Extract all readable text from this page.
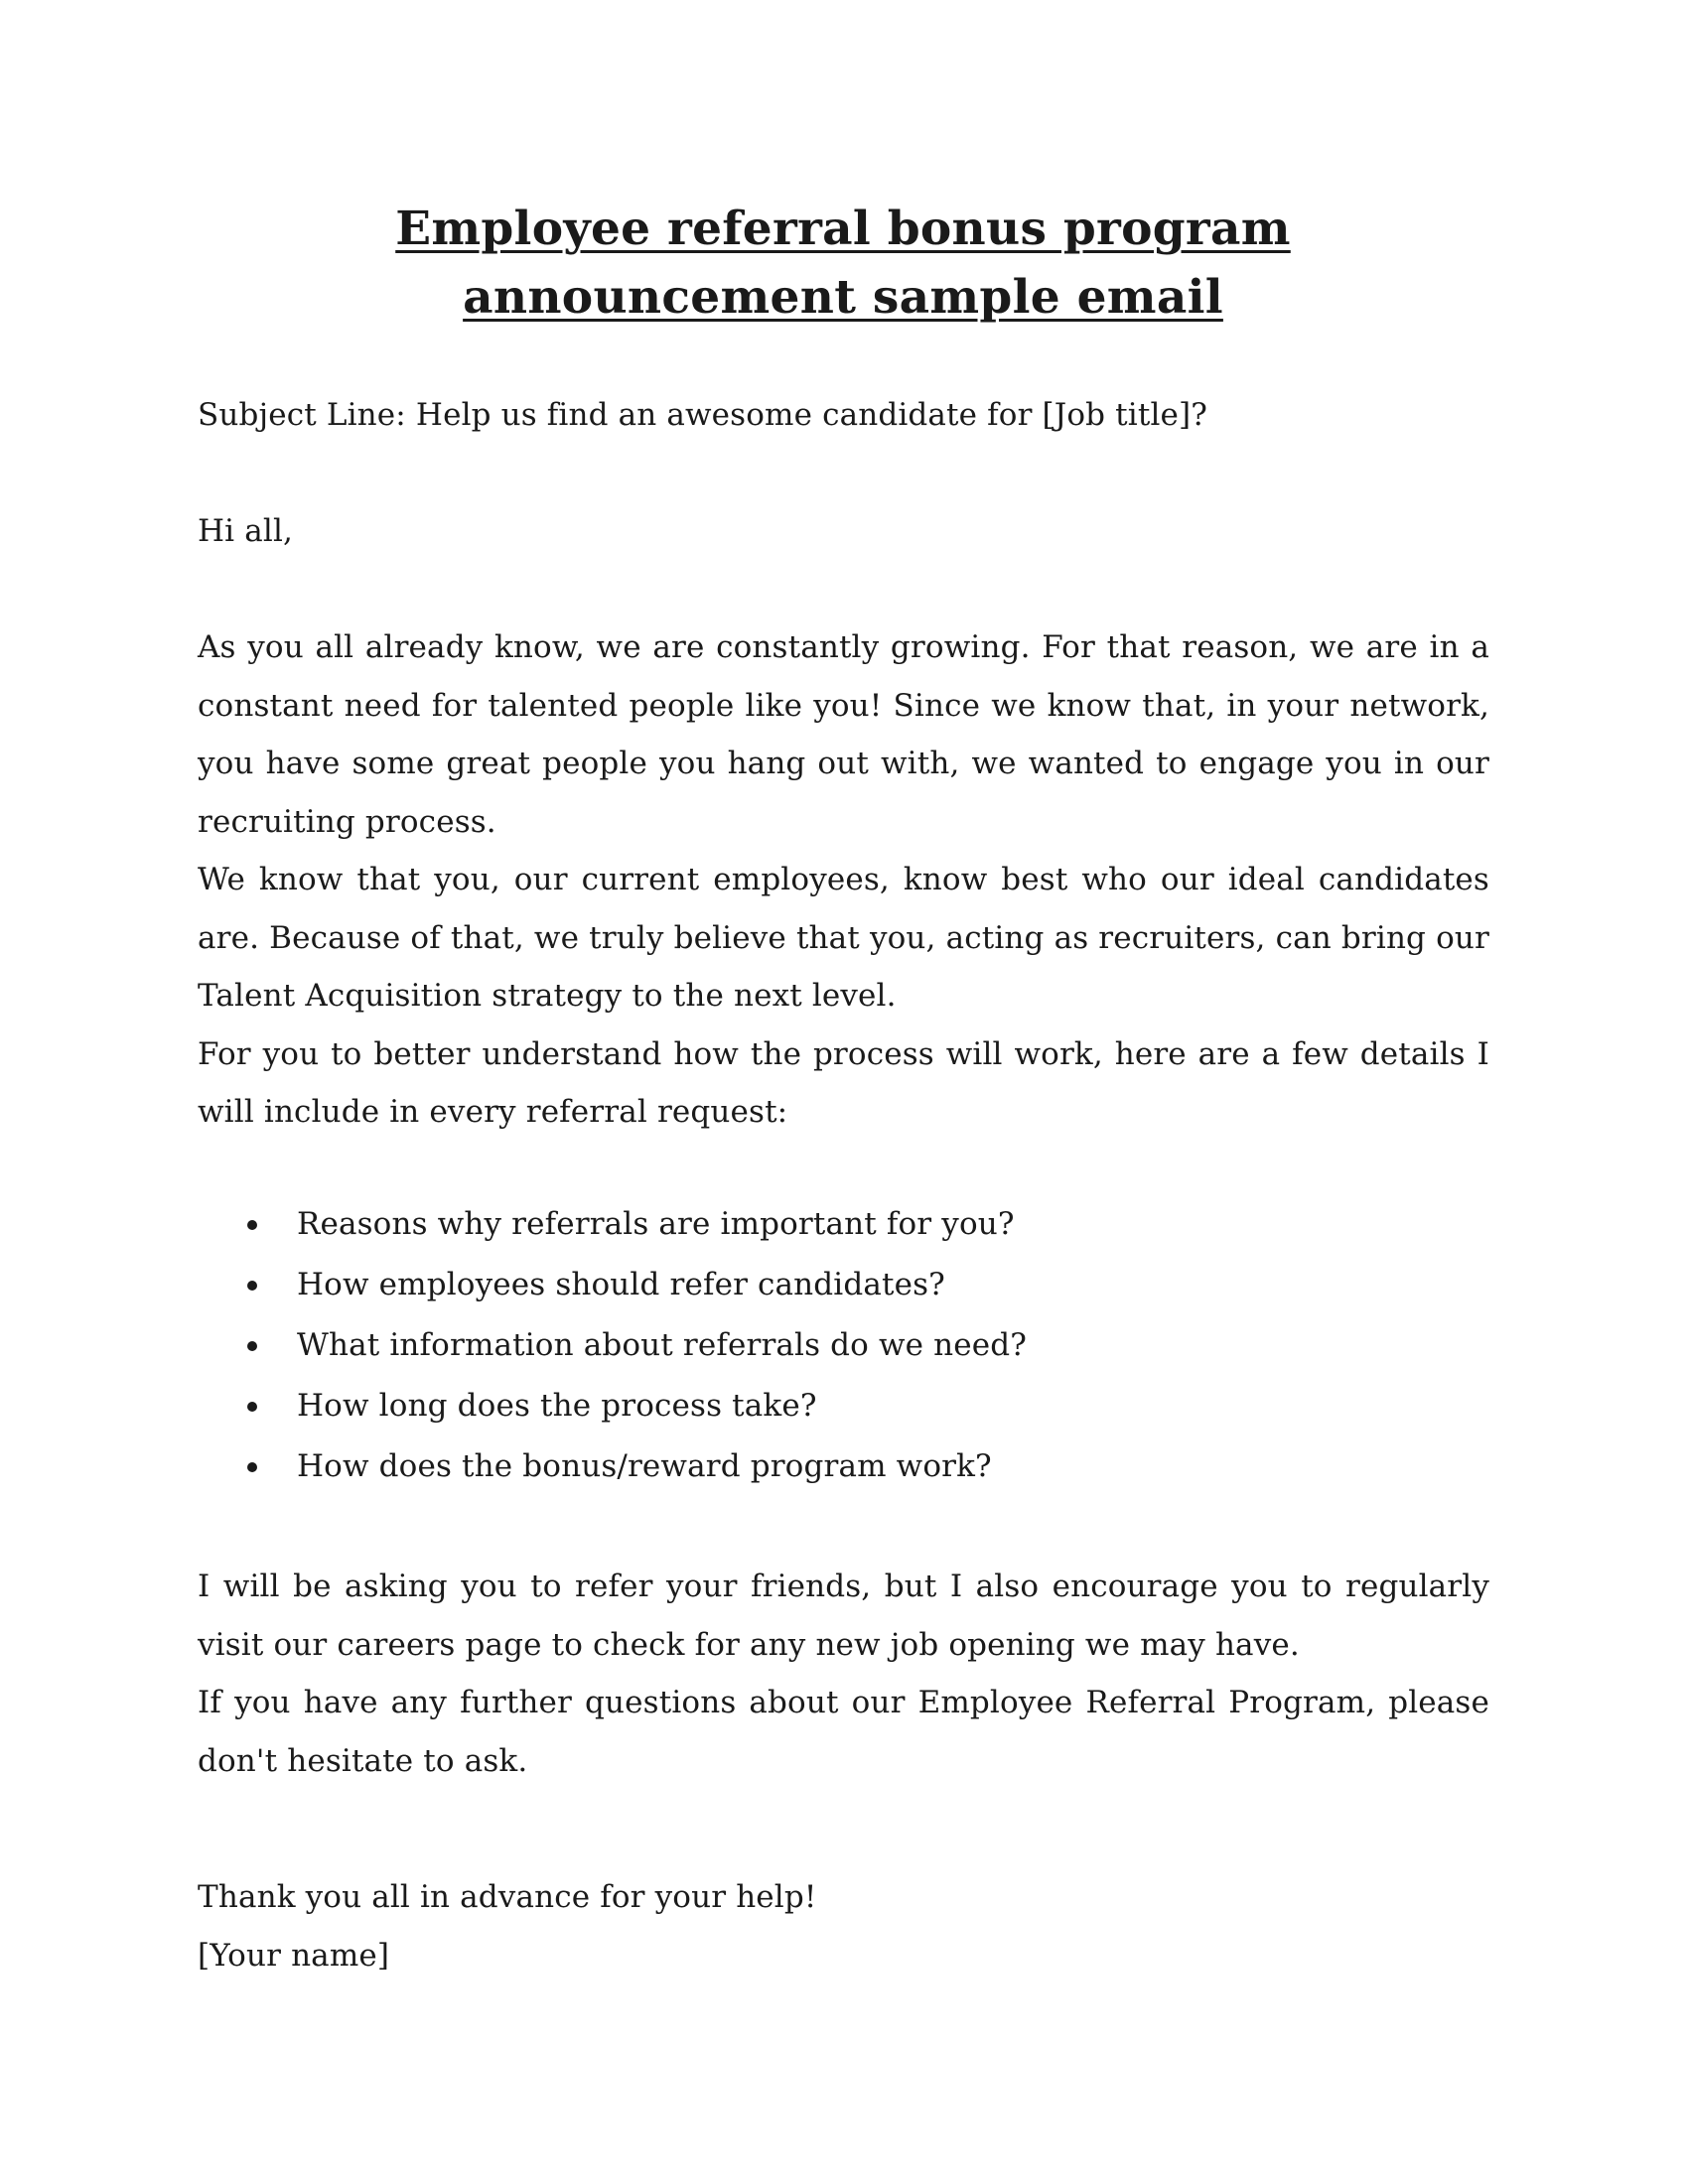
Employee referral bonus program announcement sample email
Subject Line: Help us find an awesome candidate for [Job title]?
Hi all,

As you all already know, we are constantly growing. For that reason, we are in a constant need for talented people like you! Since we know that, in your network, you have some great people you hang out with, we wanted to engage you in our recruiting process.

We know that you, our current employees, know best who our ideal candidates are. Because of that, we truly believe that you, acting as recruiters, can bring our Talent Acquisition strategy to the next level.

For you to better understand how the process will work, here are a few details I will include in every referral request:

Reasons why referrals are important for you?
How employees should refer candidates?
What information about referrals do we need?
How long does the process take?
How does the bonus/reward program work?

I will be asking you to refer your friends, but I also encourage you to regularly visit our careers page to check for any new job opening we may have.

If you have any further questions about our Employee Referral Program, please don't hesitate to ask.

Thank you all in advance for your help!

[Your name]
